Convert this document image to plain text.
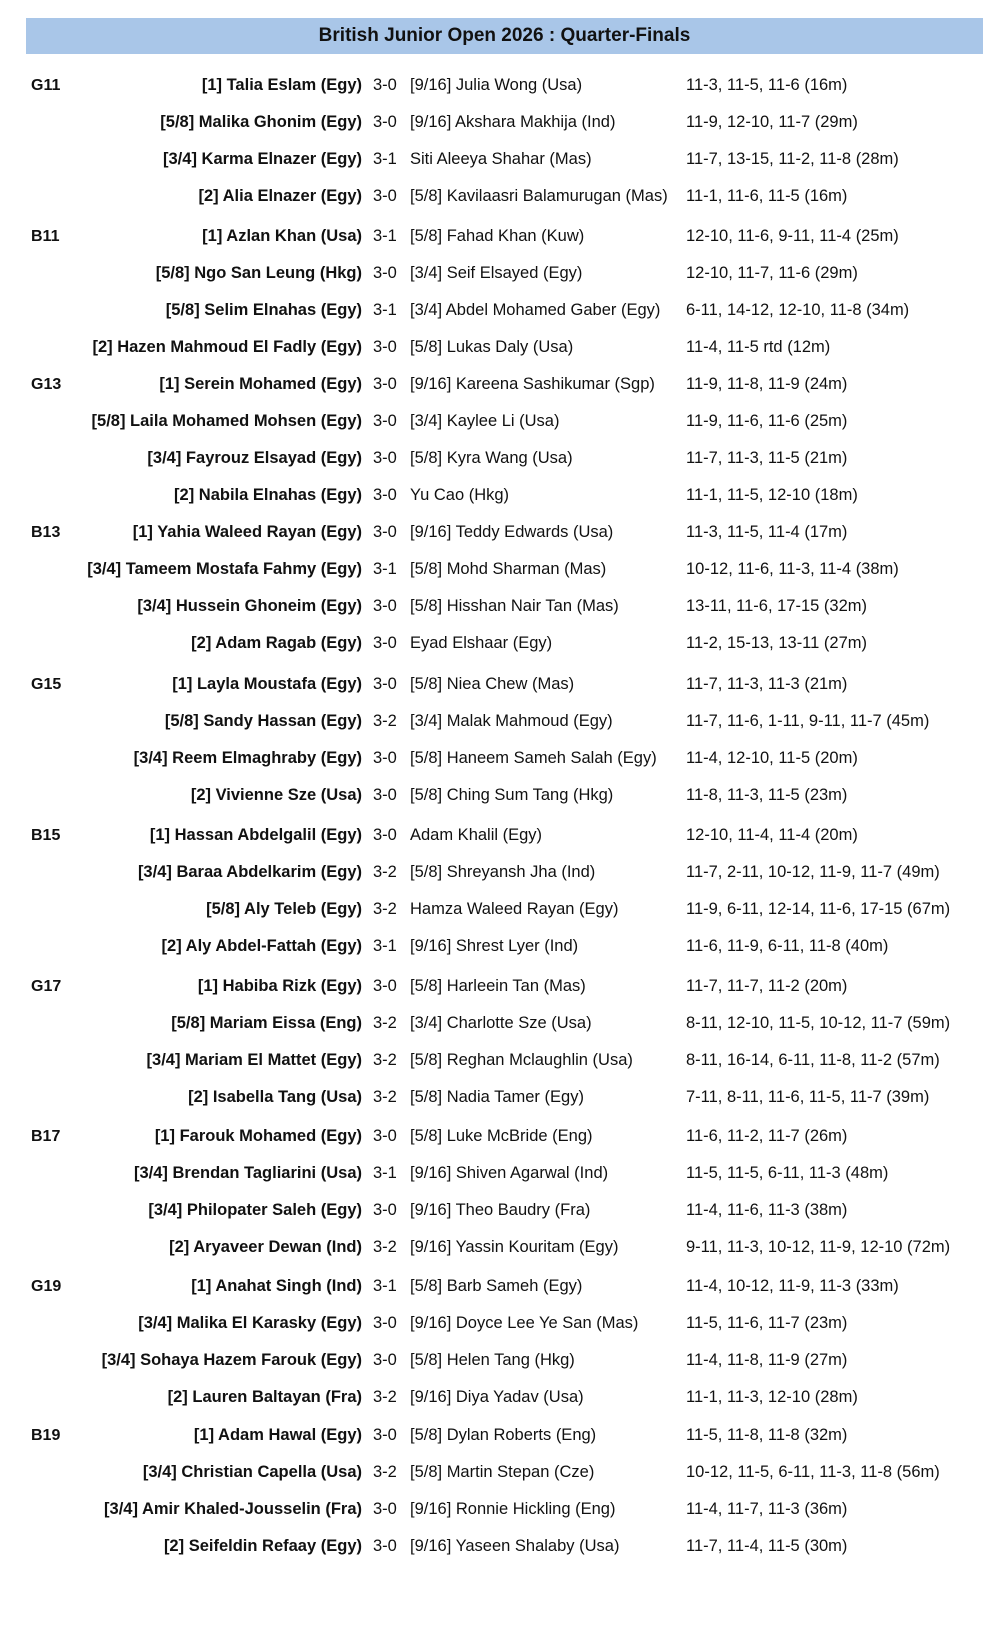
British Junior Open 2026 : Quarter-Finals
G11	[1] Talia Eslam (Egy) 3-0 [9/16] Julia Wong (Usa)	11-3, 11-5, 11-6 (16m)
[5/8] Malika Ghonim (Egy) 3-0 [9/16] Akshara Makhija (Ind)	11-9, 12-10, 11-7 (29m)
[3/4] Karma Elnazer (Egy) 3-1 Siti Aleeya Shahar (Mas)	11-7, 13-15, 11-2, 11-8 (28m)
[2] Alia Elnazer (Egy) 3-0 [5/8] Kavilaasri Balamurugan (Mas) 11-1, 11-6, 11-5 (16m)
B11	[1] Azlan Khan (Usa) 3-1 [5/8] Fahad Khan (Kuw)	12-10, 11-6, 9-11, 11-4 (25m)
[5/8] Ngo San Leung (Hkg) 3-0 [3/4] Seif Elsayed (Egy)	12-10, 11-7, 11-6 (29m)
[5/8] Selim Elnahas (Egy) 3-1 [3/4] Abdel Mohamed Gaber (Egy) 6-11, 14-12, 12-10, 11-8 (34m)
[2] Hazen Mahmoud El Fadly (Egy) 3-0 [5/8] Lukas Daly (Usa)	11-4, 11-5 rtd (12m)
G13	[1] Serein Mohamed (Egy) 3-0 [9/16] Kareena Sashikumar (Sgp) 11-9, 11-8, 11-9 (24m)
[5/8] Laila Mohamed Mohsen (Egy) 3-0 [3/4] Kaylee Li (Usa)	11-9, 11-6, 11-6 (25m)
[3/4] Fayrouz Elsayad (Egy) 3-0 [5/8] Kyra Wang (Usa)	11-7, 11-3, 11-5 (21m)
[2] Nabila Elnahas (Egy) 3-0 Yu Cao (Hkg)	11-1, 11-5, 12-10 (18m)
B13	[1] Yahia Waleed Rayan (Egy) 3-0 [9/16] Teddy Edwards (Usa)	11-3, 11-5, 11-4 (17m)
[3/4] Tameem Mostafa Fahmy (Egy) 3-1 [5/8] Mohd Sharman (Mas)	10-12, 11-6, 11-3, 11-4 (38m)
[3/4] Hussein Ghoneim (Egy) 3-0 [5/8] Hisshan Nair Tan (Mas)	13-11, 11-6, 17-15 (32m)
[2] Adam Ragab (Egy) 3-0 Eyad Elshaar (Egy)	11-2, 15-13, 13-11 (27m)
G15	[1] Layla Moustafa (Egy) 3-0 [5/8] Niea Chew (Mas)	11-7, 11-3, 11-3 (21m)
[5/8] Sandy Hassan (Egy) 3-2 [3/4] Malak Mahmoud (Egy)	11-7, 11-6, 1-11, 9-11, 11-7 (45m)
[3/4] Reem Elmaghraby (Egy) 3-0 [5/8] Haneem Sameh Salah (Egy) 11-4, 12-10, 11-5 (20m)
[2] Vivienne Sze (Usa) 3-0 [5/8] Ching Sum Tang (Hkg)	11-8, 11-3, 11-5 (23m)
B15	[1] Hassan Abdelgalil (Egy) 3-0 Adam Khalil (Egy)	12-10, 11-4, 11-4 (20m)
[3/4] Baraa Abdelkarim (Egy) 3-2 [5/8] Shreyansh Jha (Ind)	11-7, 2-11, 10-12, 11-9, 11-7 (49m)
[5/8] Aly Teleb (Egy) 3-2 Hamza Waleed Rayan (Egy)	11-9, 6-11, 12-14, 11-6, 17-15 (67m)
[2] Aly Abdel-Fattah (Egy) 3-1 [9/16] Shrest Lyer (Ind)	11-6, 11-9, 6-11, 11-8 (40m)
G17	[1] Habiba Rizk (Egy) 3-0 [5/8] Harleein Tan (Mas)	11-7, 11-7, 11-2 (20m)
[5/8] Mariam Eissa (Eng) 3-2 [3/4] Charlotte Sze (Usa)	8-11, 12-10, 11-5, 10-12, 11-7 (59m)
[3/4] Mariam El Mattet (Egy) 3-2 [5/8] Reghan Mclaughlin (Usa)	8-11, 16-14, 6-11, 11-8, 11-2 (57m)
[2] Isabella Tang (Usa) 3-2 [5/8] Nadia Tamer (Egy)	7-11, 8-11, 11-6, 11-5, 11-7 (39m)
B17	[1] Farouk Mohamed (Egy) 3-0 [5/8] Luke McBride (Eng)	11-6, 11-2, 11-7 (26m)
[3/4] Brendan Tagliarini (Usa) 3-1 [9/16] Shiven Agarwal (Ind)	11-5, 11-5, 6-11, 11-3 (48m)
[3/4] Philopater Saleh (Egy) 3-0 [9/16] Theo Baudry (Fra)	11-4, 11-6, 11-3 (38m)
[2] Aryaveer Dewan (Ind) 3-2 [9/16] Yassin Kouritam (Egy)	9-11, 11-3, 10-12, 11-9, 12-10 (72m)
G19	[1] Anahat Singh (Ind) 3-1 [5/8] Barb Sameh (Egy)	11-4, 10-12, 11-9, 11-3 (33m)
[3/4] Malika El Karasky (Egy) 3-0 [9/16] Doyce Lee Ye San (Mas)	11-5, 11-6, 11-7 (23m)
[3/4] Sohaya Hazem Farouk (Egy) 3-0 [5/8] Helen Tang (Hkg)	11-4, 11-8, 11-9 (27m)
[2] Lauren Baltayan (Fra) 3-2 [9/16] Diya Yadav (Usa)	11-1, 11-3, 12-10 (28m)
B19	[1] Adam Hawal (Egy) 3-0 [5/8] Dylan Roberts (Eng)	11-5, 11-8, 11-8 (32m)
[3/4] Christian Capella (Usa) 3-2 [5/8] Martin Stepan (Cze)	10-12, 11-5, 6-11, 11-3, 11-8 (56m)
[3/4] Amir Khaled-Jousselin (Fra) 3-0 [9/16] Ronnie Hickling (Eng)	11-4, 11-7, 11-3 (36m)
[2] Seifeldin Refaay (Egy) 3-0 [9/16] Yaseen Shalaby (Usa)	11-7, 11-4, 11-5 (30m)
